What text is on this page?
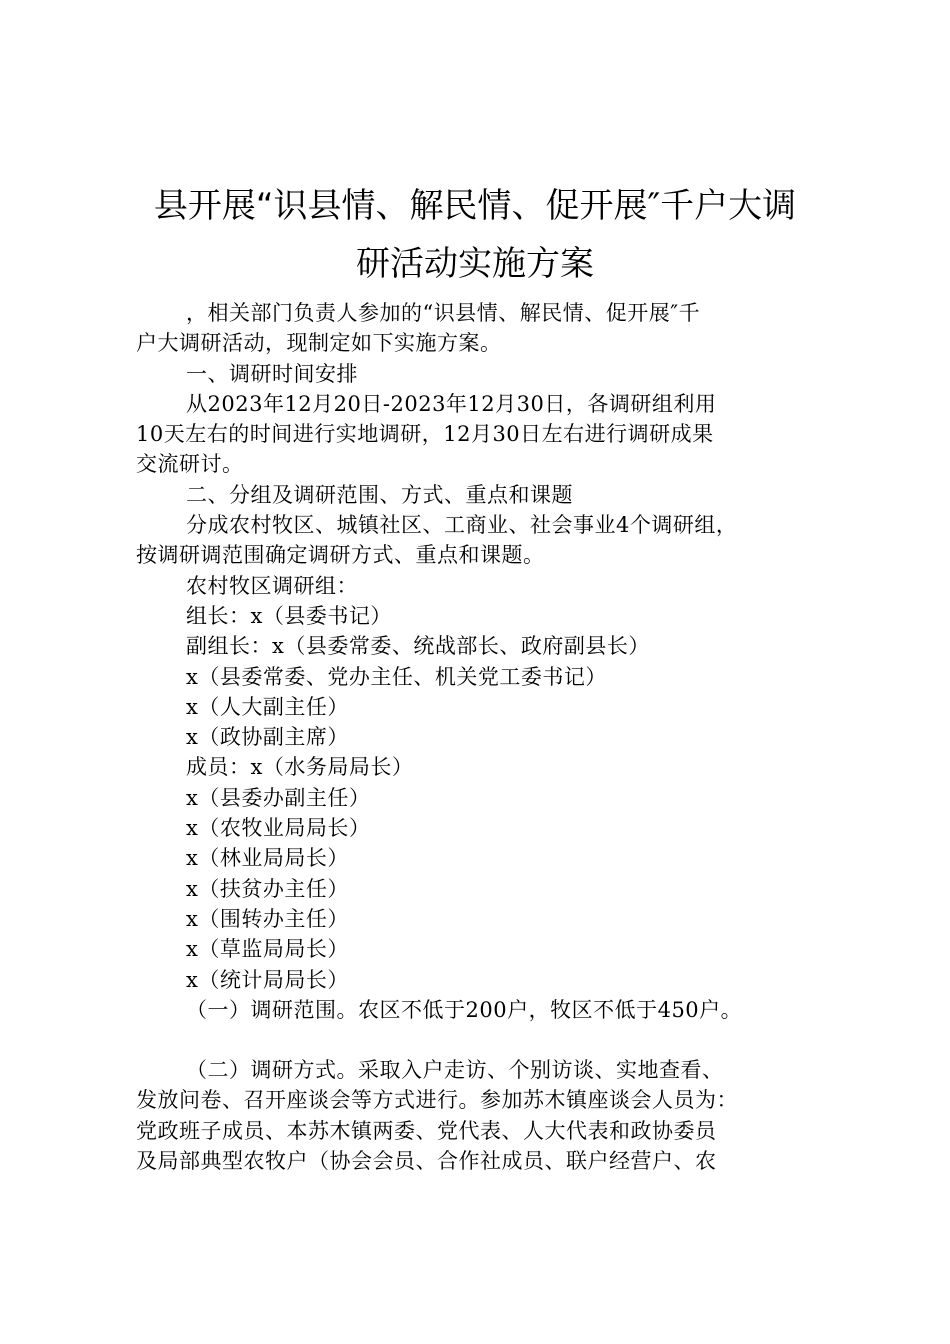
县开展“识县情、解民情、促开展″千户大调
研活动实施方案
，相关部门负责人参加的“识县情、解民情、促开展″千
户大调研活动，现制定如下实施方案。
一、调研时间安排
从2023年12月20日-2023年12月30日，各调研组利用
10天左右的时间进行实地调研，12月30日左右进行调研成果
交流研讨。
二、分组及调研范围、方式、重点和课题
分成农村牧区、城镇社区、工商业、社会事业4个调研组，
按调研调范围确定调研方式、重点和课题。
农村牧区调研组：
组长：x（县委书记）
副组长：x（县委常委、统战部长、政府副县长）
x（县委常委、党办主任、机关党工委书记）
x（人大副主任）
x（政协副主席）
成员：x（水务局局长）
x（县委办副主任）
x（农牧业局局长）
x（林业局局长）
x（扶贫办主任）
x（围转办主任）
x（草监局局长）
x（统计局局长）
（一）调研范围。农区不低于200户，牧区不低于450户。
（二）调研方式。采取入户走访、个别访谈、实地查看、
发放问卷、召开座谈会等方式进行。参加苏木镇座谈会人员为：
党政班子成员、本苏木镇两委、党代表、人大代表和政协委员
及局部典型农牧户（协会会员、合作社成员、联户经营户、农
